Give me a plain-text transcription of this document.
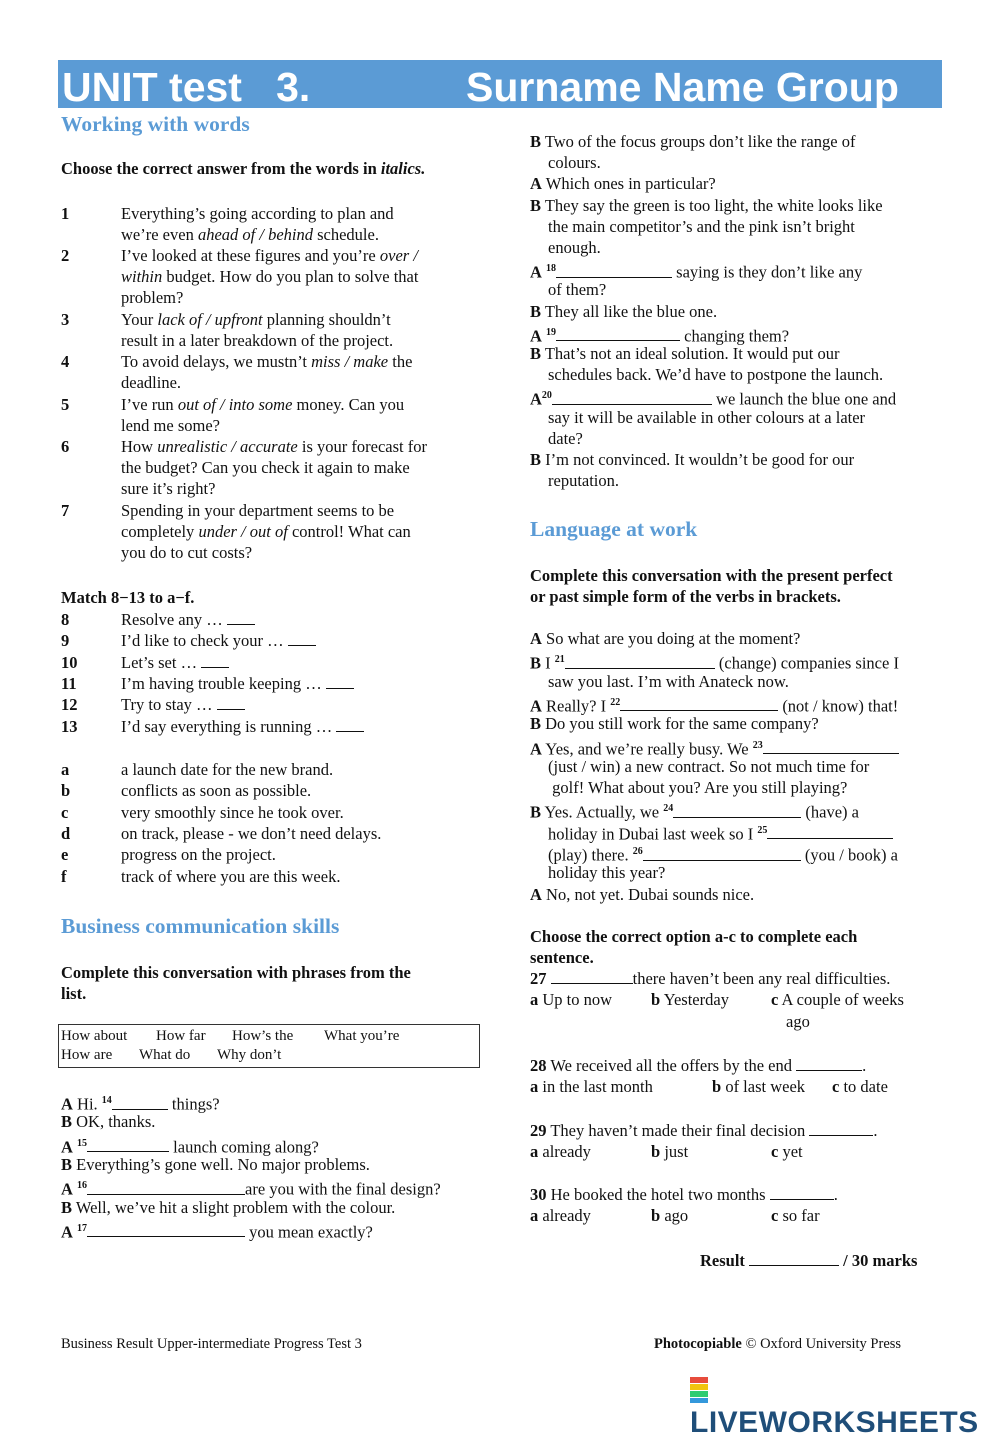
UNIT test   3.	Surname Name Group
Working with words
Choose the correct answer from the words in italics.
1	Everything’s going according to plan and
we’re even ahead of / behind schedule.
2	I’ve looked at these figures and you’re over /
within budget. How do you plan to solve that
problem?
3	Your lack of / upfront planning shouldn’t
result in a later breakdown of the project.
4	To avoid delays, we mustn’t miss / make the
deadline.
5	I’ve run out of / into some money. Can you
lend me some?
6	How unrealistic / accurate is your forecast for
the budget? Can you check it again to make
sure it’s right?
7	Spending in your department seems to be
completely under / out of control! What can
you do to cut costs?
Match 8−13 to a−f.
8	Resolve any …
9	I’d like to check your …
10	Let’s set …
11	I’m having trouble keeping …
12	Try to stay …
13	I’d say everything is running …
a	a launch date for the new brand.
b	conflicts as soon as possible.
c	very smoothly since he took over.
d	on track, please - we don’t need delays.
e	progress on the project.
f	track of where you are this week.
Business communication skills
Complete this conversation with phrases from the
list.
How about How far How’s the What you’re
How are What do Why don’t
A Hi. $^{14}$	things?
B OK, thanks.
A $^{15}$	launch coming along?
B Everything’s gone well. No major problems.
A $^{16}$	are you with the final design?
B Well, we’ve hit a slight problem with the colour.
A $^{17}$	you mean exactly?
B Two of the focus groups don’t like the range of
colours.
A Which ones in particular?
B They say the green is too light, the white looks like
the main competitor’s and the pink isn’t bright
enough.
A $^{18}$	saying is they don’t like any
of them?
B They all like the blue one.
A $^{19}$	changing them?
B That’s not an ideal solution. It would put our
schedules back. We’d have to postpone the launch.
$A^{20}$	we launch the blue one and
say it will be available in other colours at a later
date?
B I’m not convinced. It wouldn’t be good for our
reputation.
Language at work
Complete this conversation with the present perfect
or past simple form of the verbs in brackets.
A So what are you doing at the moment?
B I $^{21}$	(change) companies since I
saw you last. I’m with Anateck now.
A Really? I $^{22}$	(not / know) that!
B Do you still work for the same company?
A Yes, and we’re really busy. We $^{23}$
(just / win) a new contract. So not much time for
golf! What about you? Are you still playing?
B Yes. Actually, we $^{24}$	(have) a
holiday in Dubai last week so I $^{25}$
(play) there. $^{26}$	(you / book) a
holiday this year?
A No, not yet. Dubai sounds nice.
Choose the correct option a-c to complete each
sentence.
27	there haven’t been any real difficulties.
a Up to now b Yesterday	c A couple of weeks
ago
28 We received all the offers by the end	.
a in the last month	b of last week c to date
29 They haven’t made their final decision	.
a already	b just	c yet
30 He booked the hotel two months	.
a already	b ago	c so far
Result	/ 30 marks
Business Result Upper-intermediate Progress Test 3	Photocopiable © Oxford University Press
LIVEWORKSHEETS
